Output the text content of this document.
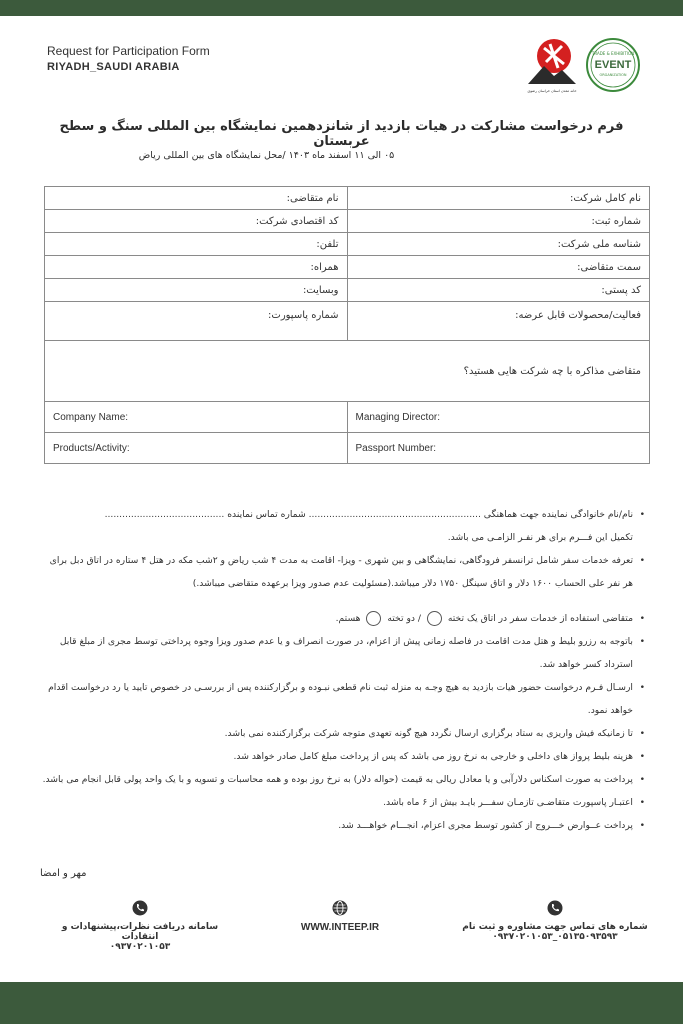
Request for Participation Form
RIYADH_SAUDI ARABIA
TRADE & EXHIBITION
EVENT
ORGANIZATION
خانه معدن استان خراسان رضوی
فرم درخواست مشارکت در هیات بازدید از شانزدهمین نمایشگاه بین المللی سنگ و سطح عربستان
۰۵ الی ۱۱ اسفند ماه ۱۴۰۳ /محل نمایشگاه های بین المللی ریاض
نام کامل شرکت:	نام متقاضی:
شماره ثبت:	کد اقتصادی شرکت:
شناسه ملی شرکت:	تلفن:
سمت متقاضی:	همراه:
کد پستی:	وبسایت:
فعالیت/محصولات قابل عرضه:	شماره پاسپورت:
متقاضی مذاکره با چه شرکت هایی هستید؟	
Managing Director:	Company Name:
Passport Number:	Products/Activity:

• نام/نام خانوادگی نماینده جهت هماهنگی ........................................................... شماره تماس نماینده .........................................

تکمیل این فـــرم برای هر نفـر الزامـی می باشد.

• تعرفه خدمات سفر شامل ترانسفر فرودگاهی، نمایشگاهی و بین شهری - ویزا- اقامت به مدت ۴ شب ریاض و ۲شب مکه در هتل ۴ ستاره در اتاق دبل برای هر نفر علی الحساب ۱۶۰۰ دلار و اتاق سینگل ۱۷۵۰ دلار میباشد.(مسئولیت عدم صدور ویزا برعهده متقاضی میباشد.)

• متقاضی استفاده از خدمات سفر در اتاق یک تخته  / دو تخته  هستم.

• باتوجه به رزرو بلیط و هتل مدت اقامت در فاصله زمانی پیش از اعزام، در صورت انصراف و یا عدم صدور ویزا وجوه پرداختی توسط مجری از مبلغ قابل استرداد کسر خواهد شد.

• ارسـال فـرم درخواست حضور هیات بازدید به هیچ وجـه به منزله ثبت نام قطعی نبـوده و برگزارکننده پس از بررسـی در خصوص تایید یا رد درخواست اقدام خواهد نمود.

• تا زمانیکه فیش واریزی به ستاد برگزاری ارسال نگردد هیچ گونه تعهدی متوجه شرکت برگزارکننده نمی باشد.

• هزینه بلیط پرواز های داخلی و خارجی به نرخ روز می باشد که پس از پرداخت مبلغ کامل صادر خواهد شد.

• پرداخت به صورت اسکناس دلارآبی و یا معادل ریالی به قیمت (حواله دلار) به نرخ روز بوده و همه محاسبات و تسویه و با یک واحد پولی قابل انجام می باشد.

• اعتبـار پاسپورت متقاضـی تازمـان سفـــر بایـد بیش از ۶ ماه باشد.

• پرداخت عــوارض خـــروج از کشور توسط مجری اعزام، انجـــام خواهـــد شد.

مهر و امضا
شماره های تماس جهت مشاوره و ثبت نام
۰۵۱۳۵۰۹۳۵۹۳_۰۹۳۷۰۲۰۱۰۵۳
WWW.INTEEP.IR
سامانه دریافت نظرات،پیشنهادات و انتقادات
۰۹۳۷۰۲۰۱۰۵۳
